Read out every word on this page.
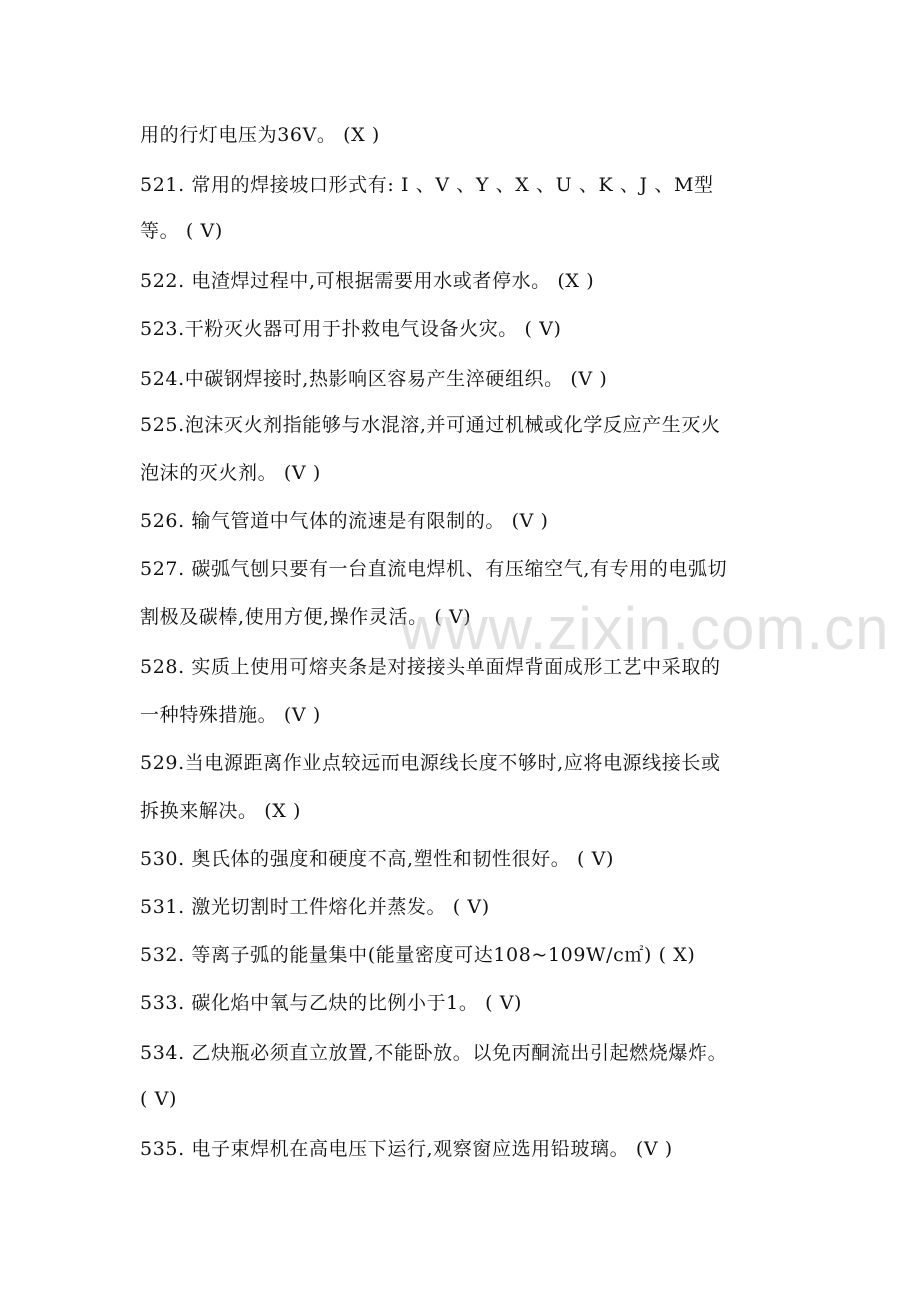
用的行灯电压为36V。 (X )
521. 常用的焊接坡口形式有: I 、V 、Y 、X 、U 、K 、J 、M型
等。 ( V)
522. 电渣焊过程中,可根据需要用水或者停水。 (X )
523.干粉灭火器可用于扑救电气设备火灾。 ( V)
524.中碳钢焊接时,热影响区容易产生淬硬组织。 (V )
525.泡沫灭火剂指能够与水混溶,并可通过机械或化学反应产生灭火
泡沫的灭火剂。 (V )
526. 输气管道中气体的流速是有限制的。 (V )
527. 碳弧气刨只要有一台直流电焊机、有压缩空气,有专用的电弧切
割极及碳棒,使用方便,操作灵活。 ( V)
528. 实质上使用可熔夹条是对接接头单面焊背面成形工艺中采取的
一种特殊措施。 (V )
529.当电源距离作业点较远而电源线长度不够时,应将电源线接长或
拆换来解决。 (X )
530. 奥氏体的强度和硬度不高,塑性和韧性很好。 ( V)
531. 激光切割时工件熔化并蒸发。 ( V)
532. 等离子弧的能量集中(能量密度可达108~109W/c㎡) ( X)
533. 碳化焰中氧与乙炔的比例小于1。 ( V)
534. 乙炔瓶必须直立放置,不能卧放。以免丙酮流出引起燃烧爆炸。
( V)
535. 电子束焊机在高电压下运行,观察窗应选用铅玻璃。 (V )
www.zixin.com.cn
